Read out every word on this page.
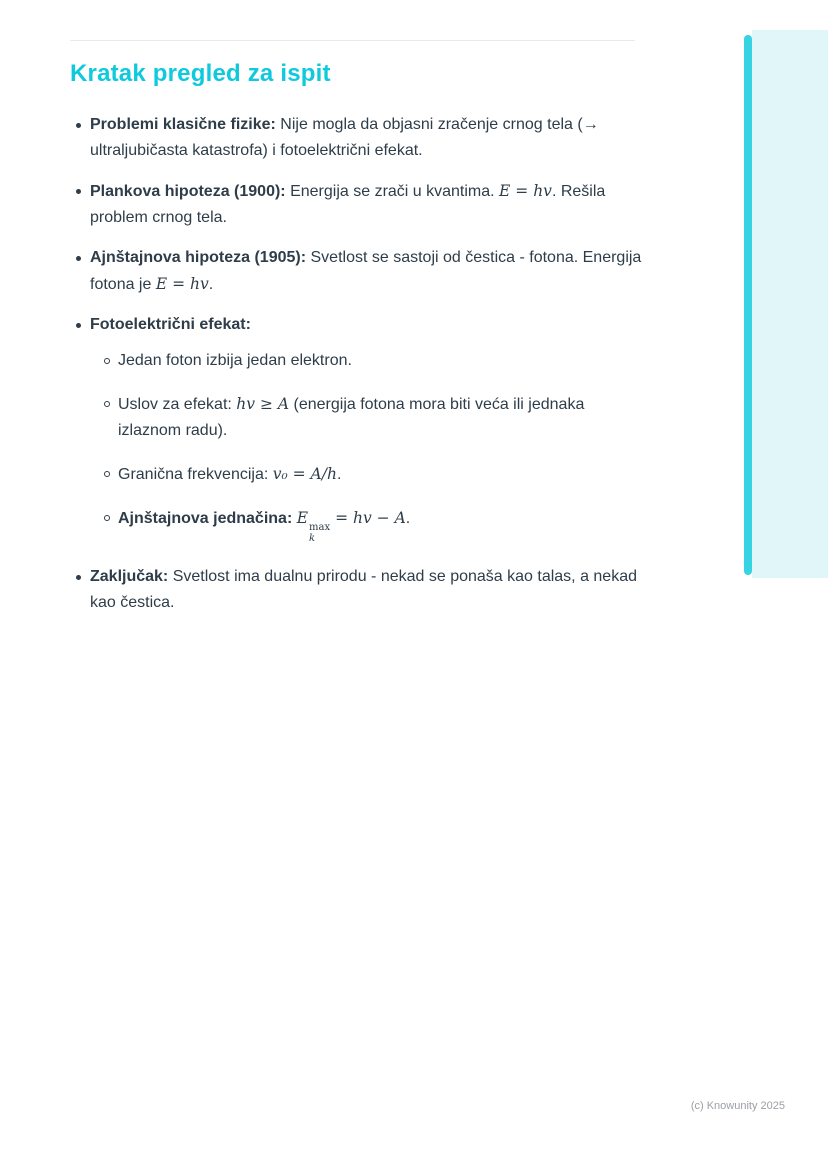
Kratak pregled za ispit
Problemi klasične fizike: Nije mogla da objasni zračenje crnog tela (→ ultraljubičasta katastrofa) i fotoelektrični efekat.
Plankova hipoteza (1900): Energija se zrači u kvantima. E = hv. Rešila problem crnog tela.
Ajnštajnova hipoteza (1905): Svetlost se sastoji od čestica - fotona. Energija fotona je E = hv.
Fotoelektrični efekat:
Jedan foton izbija jedan elektron.
Uslov za efekat: hv ≥ A (energija fotona mora biti veća ili jednaka izlaznom radu).
Granična frekvencija: v₀ = A/h.
Ajnštajnova jednačina: E
max
k
= hv − A.
Zaključak: Svetlost ima dualnu prirodu - nekad se ponaša kao talas, a nekad kao čestica.
(c) Knowunity 2025
